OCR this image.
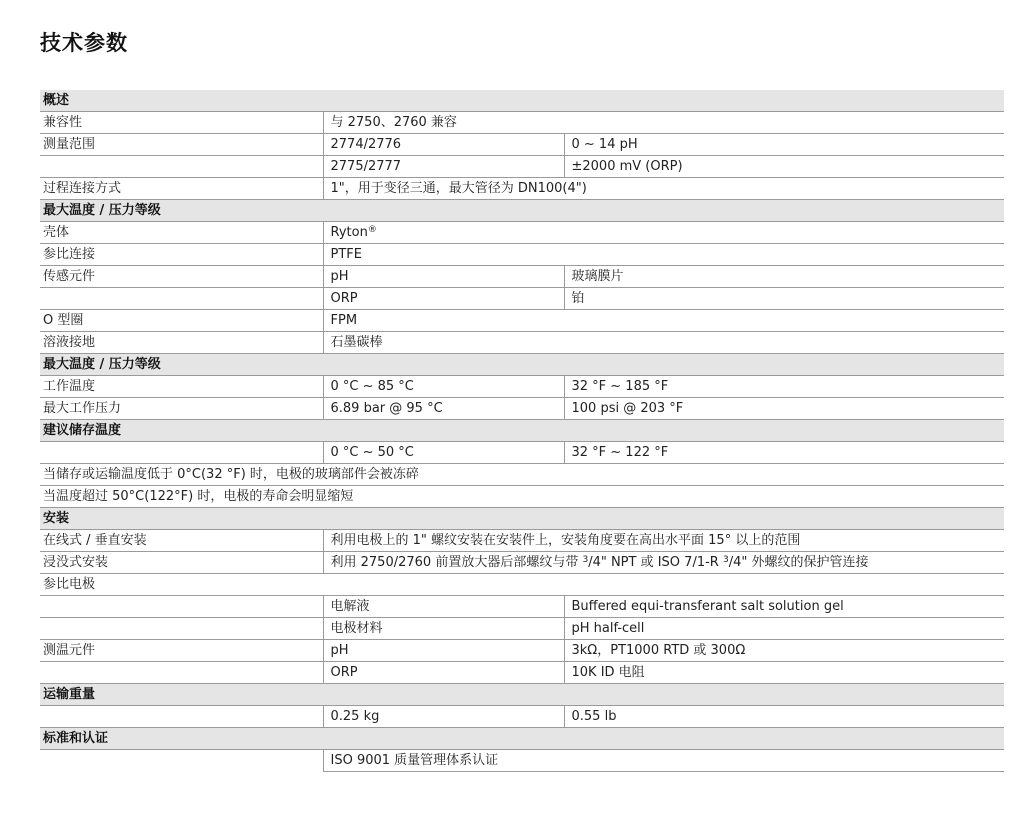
技术参数
概述		
兼容性	与 2750、2760 兼容	
测量范围	2774/2776	0 ~ 14 pH
	2775/2777	±2000 mV (ORP)
过程连接方式	1"，用于变径三通，最大管径为 DN100(4")	
最大温度 / 压力等级		
壳体	Ryton®
参比连接	PTFE	
传感元件	pH	玻璃膜片
	ORP	铂
O 型圈	FPM	
溶液接地	石墨碳棒	
最大温度 / 压力等级		
工作温度	0 °C ~ 85 °C	32 °F ~ 185 °F
最大工作压力	6.89 bar @ 95 °C	100 psi @ 203 °F
建议储存温度		
	0 °C ~ 50 °C	32 °F ~ 122 °F
当储存或运输温度低于 0°C(32 °F) 时，电极的玻璃部件会被冻碎		
当温度超过 50°C(122°F) 时，电极的寿命会明显缩短		
安装		
在线式 / 垂直安装	利用电极上的 1" 螺纹安装在安装件上，安装角度要在高出水平面 15° 以上的范围	
浸没式安装	利用 2750/2760 前置放大器后部螺纹与带 $^3$/4" NPT 或 ISO 7/1-R $^3$/4" 外螺纹的保护管连接	
参比电极		
	电解液	Buffered equi-transferant salt solution gel
	电极材料	pH half-cell
测温元件	pH	3kΩ，PT1000 RTD 或 300Ω
	ORP	10K ID 电阻
运输重量		
	0.25 kg	0.55 lb
标准和认证		
	ISO 9001 质量管理体系认证	
